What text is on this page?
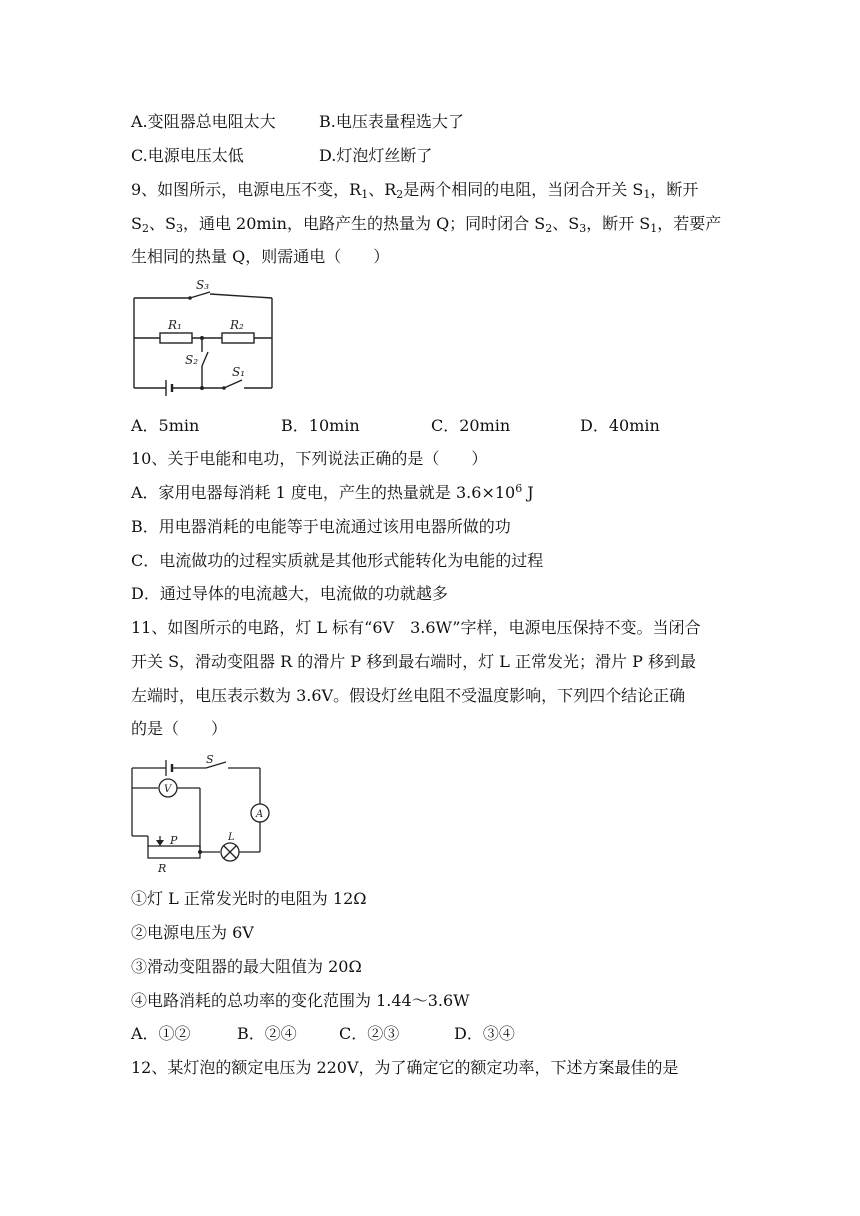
A.变阻器总电阻太大	B.电压表量程选大了
C.电源电压太低	D.灯泡灯丝断了
9、如图所示，电源电压不变，$R_1$、$R_2$是两个相同的电阻，当闭合开关 $S_1$，断开
$S_2$、$S_3$，通电 20min，电路产生的热量为 Q；同时闭合 $S_2$、$S_3$，断开 $S_1$，若要产
生相同的热量 Q，则需通电（　　）
S₃
R₁	R₂
S₂
S₁
A．5min	B．10min	C．20min	D．40min
10、关于电能和电功，下列说法正确的是（　　）
A．家用电器每消耗 1 度电，产生的热量就是 $3.6\times 10^6$ J
B．用电器消耗的电能等于电流通过该用电器所做的功
C．电流做功的过程实质就是其他形式能转化为电能的过程
D．通过导体的电流越大，电流做的功就越多
11、如图所示的电路，灯 L 标有“6V　3.6W”字样，电源电压保持不变。当闭合
开关 S，滑动变阻器 R 的滑片 P 移到最右端时，灯 L 正常发光；滑片 P 移到最
左端时，电压表示数为 3.6V。假设灯丝电阻不受温度影响，下列四个结论正确
的是（　　）
V
A
S
P
R
L
①灯 L 正常发光时的电阻为 12Ω
②电源电压为 6V
③滑动变阻器的最大阻值为 20Ω
④电路消耗的总功率的变化范围为 1.44～3.6W
A．①②	B．②④	C．②③	D．③④
12、某灯泡的额定电压为 220V，为了确定它的额定功率，下述方案最佳的是
